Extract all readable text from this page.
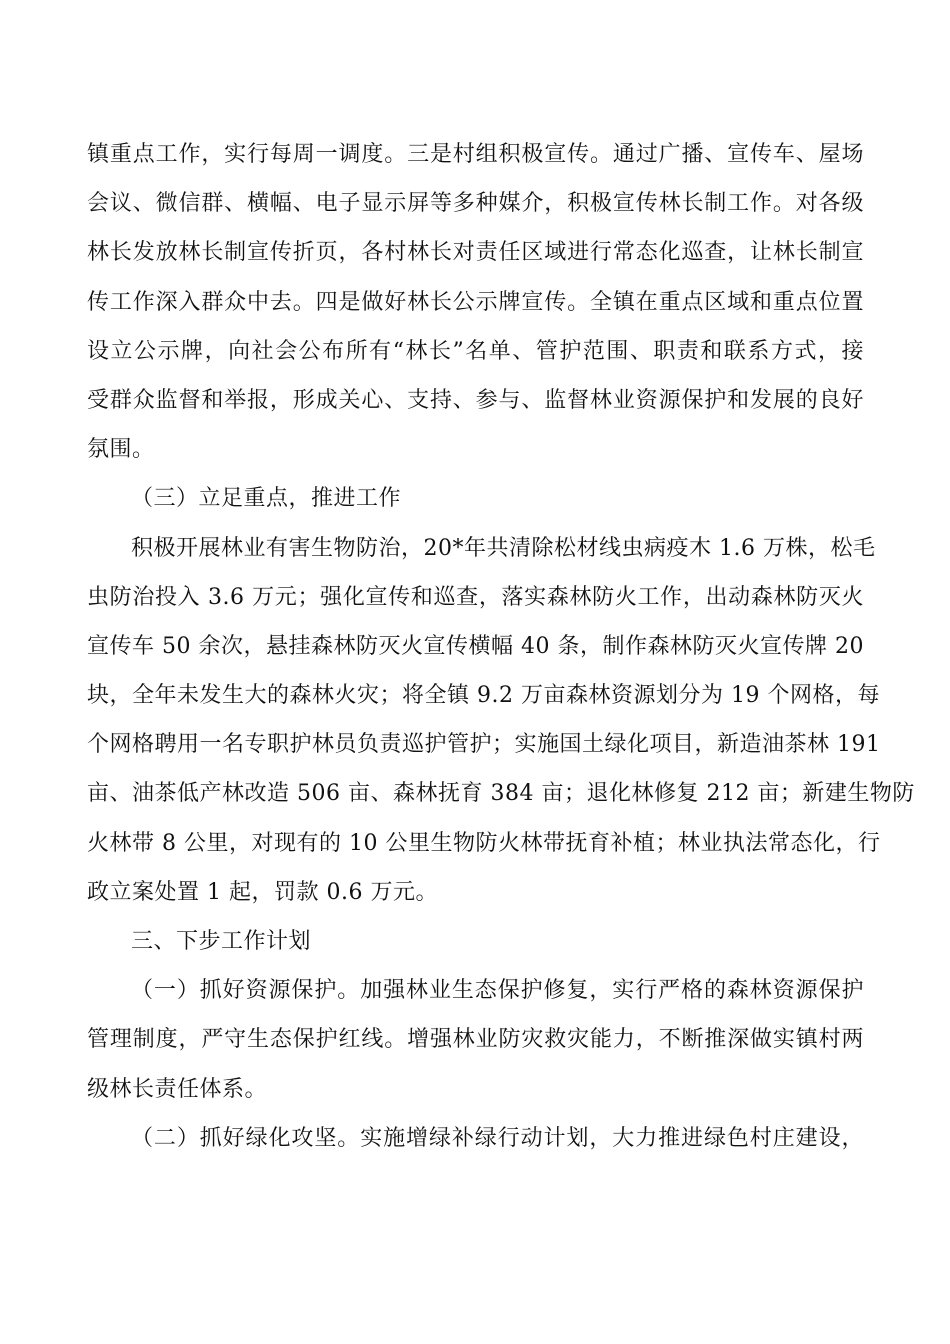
镇重点工作，实行每周一调度。三是村组积极宣传。通过广播、宣传车、屋场
会议、微信群、横幅、电子显示屏等多种媒介，积极宣传林长制工作。对各级
林长发放林长制宣传折页，各村林长对责任区域进行常态化巡查，让林长制宣
传工作深入群众中去。四是做好林长公示牌宣传。全镇在重点区域和重点位置
设立公示牌，向社会公布所有“林长”名单、管护范围、职责和联系方式，接
受群众监督和举报，形成关心、支持、参与、监督林业资源保护和发展的良好
氛围。
（三）立足重点，推进工作
积极开展林业有害生物防治，20*年共清除松材线虫病疫木 1.6 万株，松毛
虫防治投入 3.6 万元；强化宣传和巡查，落实森林防火工作，出动森林防灭火
宣传车 50 余次，悬挂森林防灭火宣传横幅 40 条，制作森林防灭火宣传牌 20
块，全年未发生大的森林火灾；将全镇 9.2 万亩森林资源划分为 19 个网格，每
个网格聘用一名专职护林员负责巡护管护；实施国土绿化项目，新造油茶林 191
亩、油茶低产林改造 506 亩、森林抚育 384 亩；退化林修复 212 亩；新建生物防
火林带 8 公里，对现有的 10 公里生物防火林带抚育补植；林业执法常态化，行
政立案处置 1 起，罚款 0.6 万元。
三、下步工作计划
（一）抓好资源保护。加强林业生态保护修复，实行严格的森林资源保护
管理制度，严守生态保护红线。增强林业防灾救灾能力，不断推深做实镇村两
级林长责任体系。
（二）抓好绿化攻坚。实施增绿补绿行动计划，大力推进绿色村庄建设，
